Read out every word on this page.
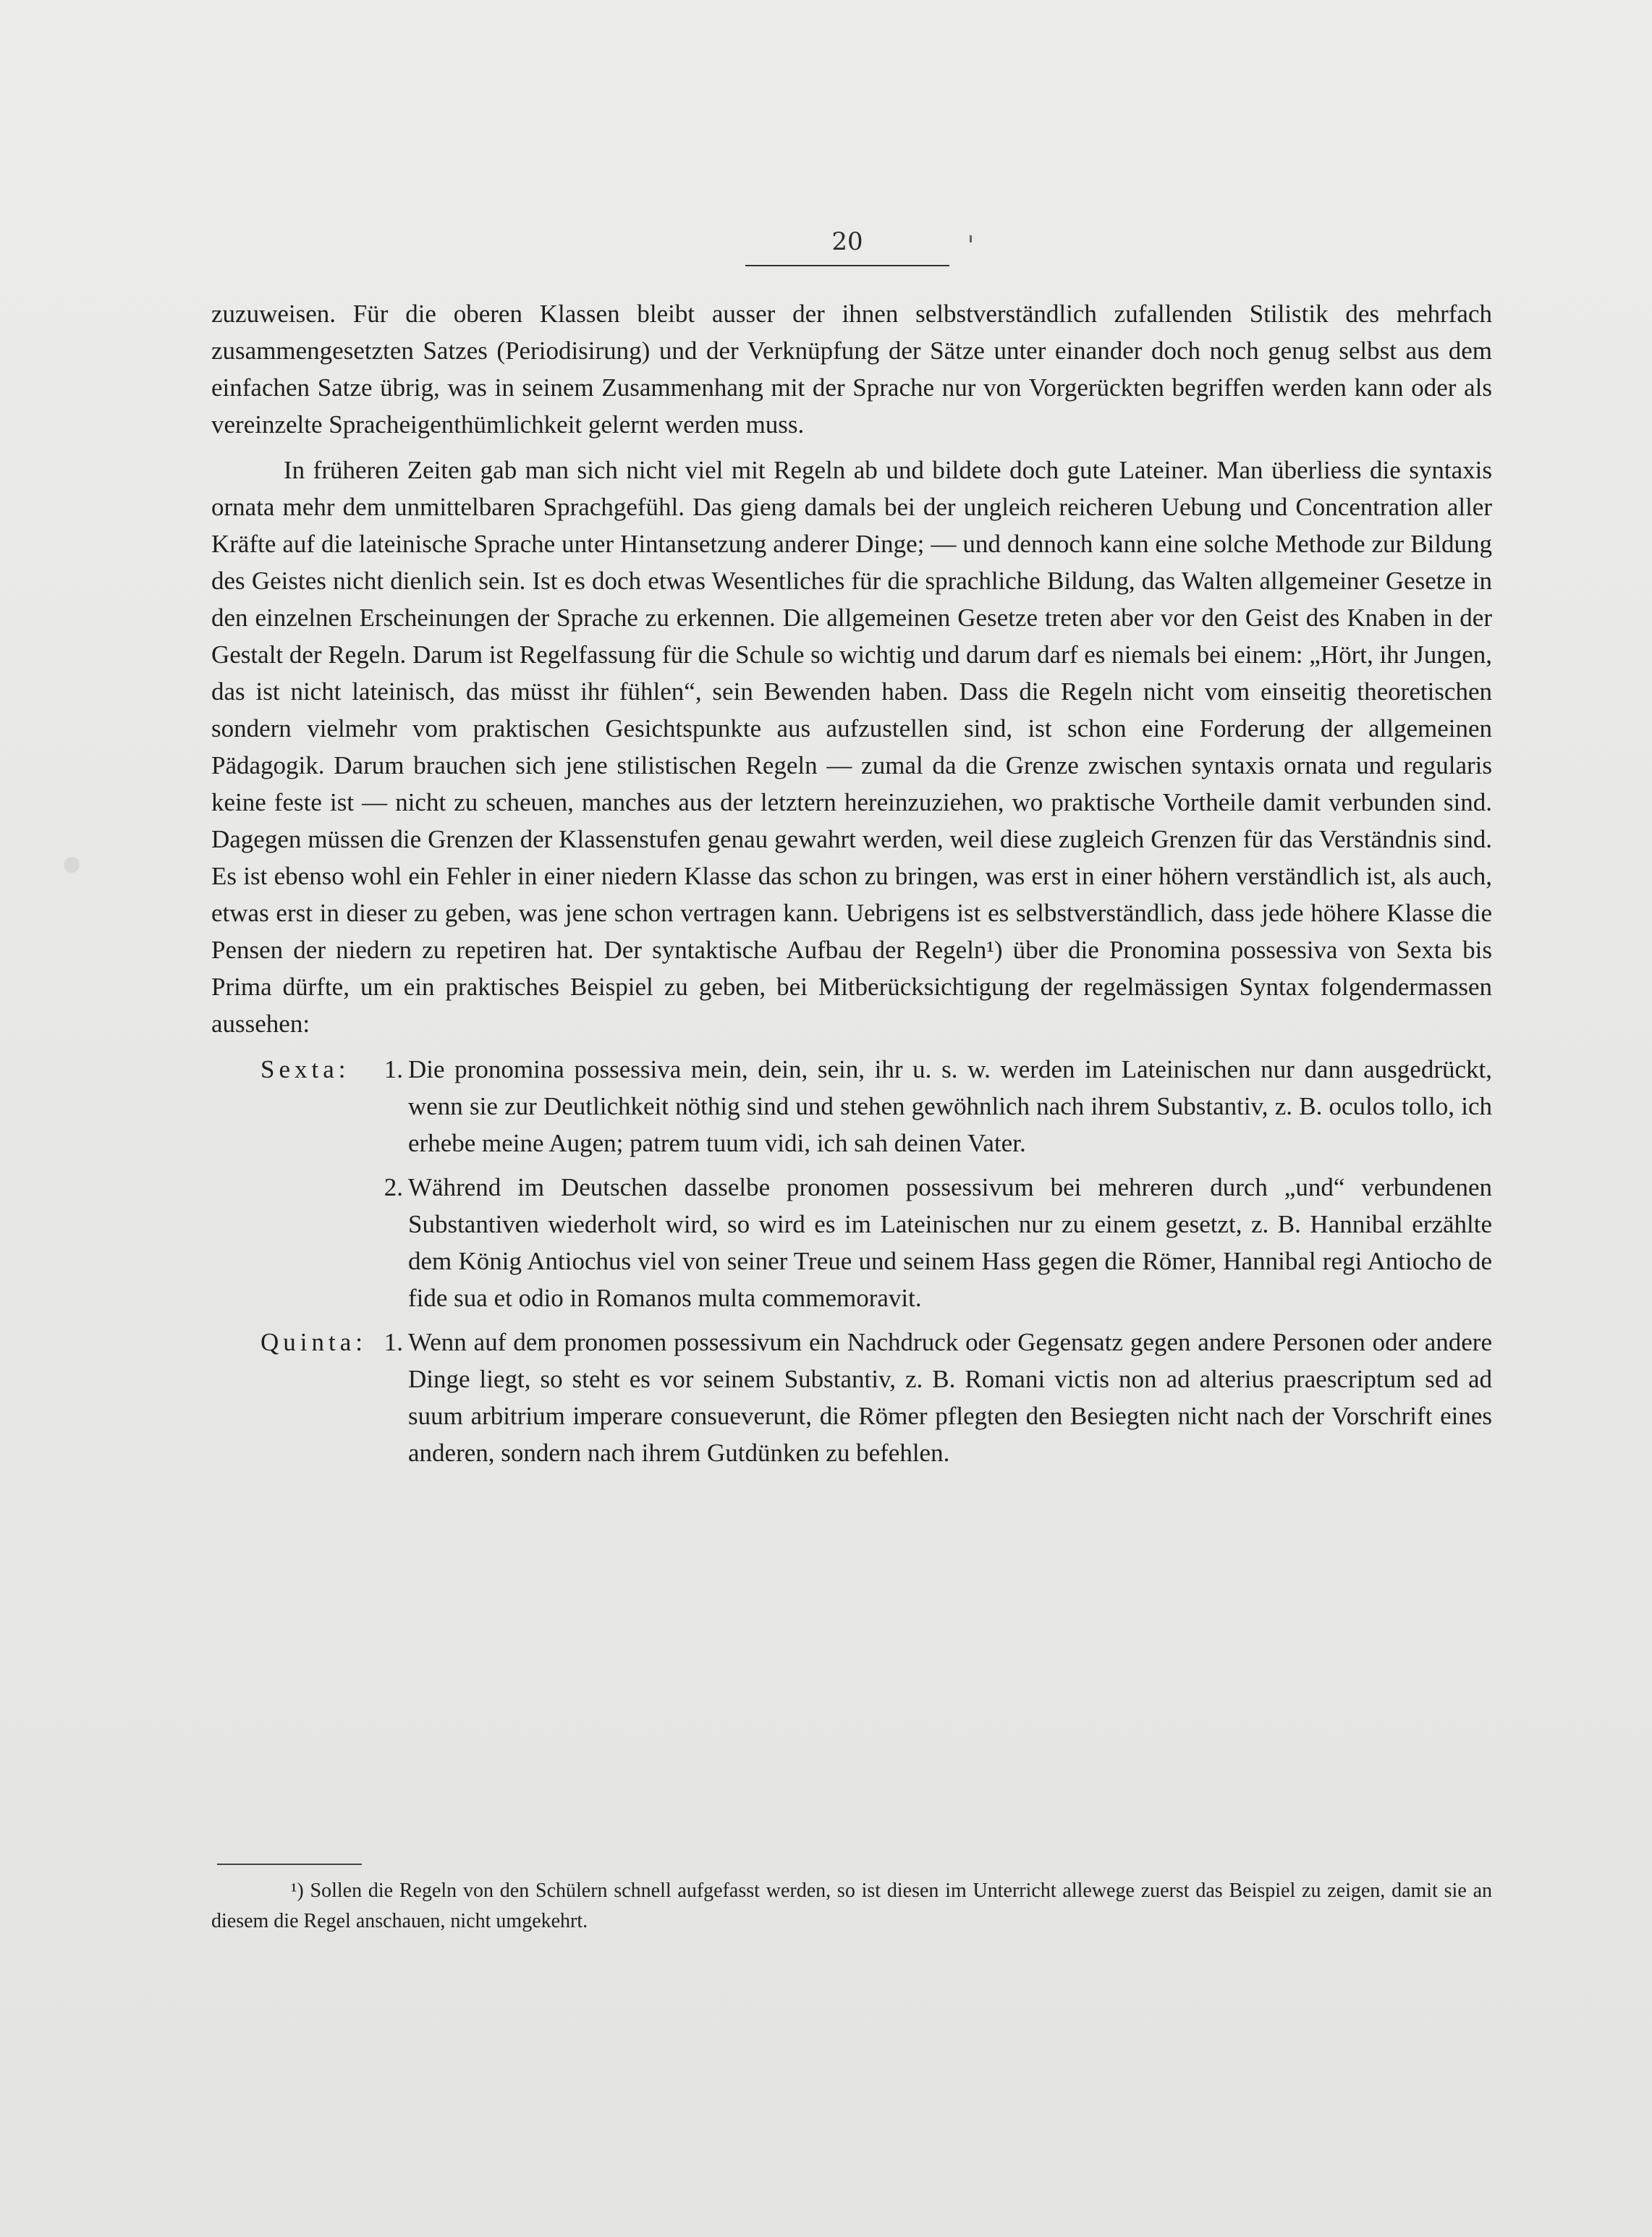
20

zuzuweisen. Für die oberen Klassen bleibt ausser der ihnen selbstverständlich zufallenden Stilistik des mehrfach zusammengesetzten Satzes (Periodisirung) und der Verknüpfung der Sätze unter einander doch noch genug selbst aus dem einfachen Satze übrig, was in seinem Zusammenhang mit der Sprache nur von Vorgerückten begriffen werden kann oder als vereinzelte Spracheigenthümlichkeit gelernt werden muss.

In früheren Zeiten gab man sich nicht viel mit Regeln ab und bildete doch gute Lateiner. Man überliess die syntaxis ornata mehr dem unmittelbaren Sprachgefühl. Das gieng damals bei der ungleich reicheren Uebung und Concentration aller Kräfte auf die lateinische Sprache unter Hintansetzung anderer Dinge; — und dennoch kann eine solche Methode zur Bildung des Geistes nicht dienlich sein. Ist es doch etwas Wesentliches für die sprachliche Bildung, das Walten allgemeiner Gesetze in den einzelnen Erscheinungen der Sprache zu erkennen. Die allgemeinen Gesetze treten aber vor den Geist des Knaben in der Gestalt der Regeln. Darum ist Regelfassung für die Schule so wichtig und darum darf es niemals bei einem: „Hört, ihr Jungen, das ist nicht lateinisch, das müsst ihr fühlen“, sein Bewenden haben. Dass die Regeln nicht vom einseitig theoretischen sondern vielmehr vom praktischen Gesichtspunkte aus aufzustellen sind, ist schon eine Forderung der allgemeinen Pädagogik. Darum brauchen sich jene stilistischen Regeln — zumal da die Grenze zwischen syntaxis ornata und regularis keine feste ist — nicht zu scheuen, manches aus der letztern hereinzuziehen, wo praktische Vortheile damit verbunden sind. Dagegen müssen die Grenzen der Klassenstufen genau gewahrt werden, weil diese zugleich Grenzen für das Verständnis sind. Es ist ebenso wohl ein Fehler in einer niedern Klasse das schon zu bringen, was erst in einer höhern verständlich ist, als auch, etwas erst in dieser zu geben, was jene schon vertragen kann. Uebrigens ist es selbstverständlich, dass jede höhere Klasse die Pensen der niedern zu repetiren hat. Der syntaktische Aufbau der Regeln¹) über die Pronomina possessiva von Sexta bis Prima dürfte, um ein praktisches Beispiel zu geben, bei Mitberücksichtigung der regelmässigen Syntax folgendermassen aussehen:

Sexta:	1. Die pronomina possessiva mein, dein, sein, ihr u. s. w. werden im Lateinischen nur dann ausgedrückt, wenn sie zur Deutlichkeit nöthig sind und stehen gewöhnlich nach ihrem Substantiv, z. B. oculos tollo, ich erhebe meine Augen; patrem tuum vidi, ich sah deinen Vater.
2. Während im Deutschen dasselbe pronomen possessivum bei mehreren durch „und“ verbundenen Substantiven wiederholt wird, so wird es im Lateinischen nur zu einem gesetzt, z. B. Hannibal erzählte dem König Antiochus viel von seiner Treue und seinem Hass gegen die Römer, Hannibal regi Antiocho de fide sua et odio in Romanos multa commemoravit.
Quinta: 1. Wenn auf dem pronomen possessivum ein Nachdruck oder Gegensatz gegen andere Personen oder andere Dinge liegt, so steht es vor seinem Substantiv, z. B. Romani victis non ad alterius praescriptum sed ad suum arbitrium imperare consueverunt, die Römer pflegten den Besiegten nicht nach der Vorschrift eines anderen, sondern nach ihrem Gutdünken zu befehlen.
¹) Sollen die Regeln von den Schülern schnell aufgefasst werden, so ist diesen im Unterricht allewege zuerst das Beispiel zu zeigen, damit sie an diesem die Regel anschauen, nicht umgekehrt.
